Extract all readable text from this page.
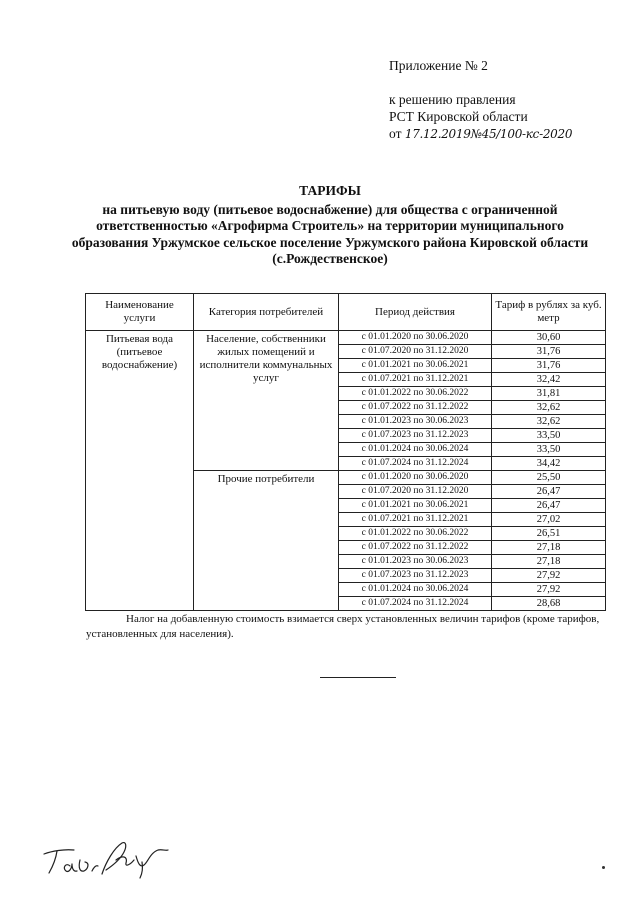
Приложение № 2
к решению правления
РСТ Кировской области
от 17.12.2019№45/100-кс-2020
ТАРИФЫ
на питьевую воду (питьевое водоснабжение) для общества с ограниченной ответственностью «Агрофирма Строитель» на территории муниципального образования Уржумское сельское поселение Уржумского района Кировской области (с.Рождественское)
Наименование услуги	Категория потребителей	Период действия	Тариф в рублях за куб. метр
Питьевая вода (питьевое водоснабжение)	Население, собственники жилых помещений и исполнители коммунальных услуг	с 01.01.2020 по 30.06.2020	30,60
		с 01.07.2020 по 31.12.2020	31,76
		с 01.01.2021 по 30.06.2021	31,76
		с 01.07.2021 по 31.12.2021	32,42
		с 01.01.2022 по 30.06.2022	31,81
		с 01.07.2022 по 31.12.2022	32,62
		с 01.01.2023 по 30.06.2023	32,62
		с 01.07.2023 по 31.12.2023	33,50
		с 01.01.2024 по 30.06.2024	33,50
		с 01.07.2024 по 31.12.2024	34,42
	Прочие потребители	с 01.01.2020 по 30.06.2020	25,50
		с 01.07.2020 по 31.12.2020	26,47
		с 01.01.2021 по 30.06.2021	26,47
		с 01.07.2021 по 31.12.2021	27,02
		с 01.01.2022 по 30.06.2022	26,51
		с 01.07.2022 по 31.12.2022	27,18
		с 01.01.2023 по 30.06.2023	27,18
		с 01.07.2023 по 31.12.2023	27,92
		с 01.01.2024 по 30.06.2024	27,92
		с 01.07.2024 по 31.12.2024	28,68
Налог на добавленную стоимость взимается сверх установленных величин тарифов (кроме тарифов, установленных для населения).
